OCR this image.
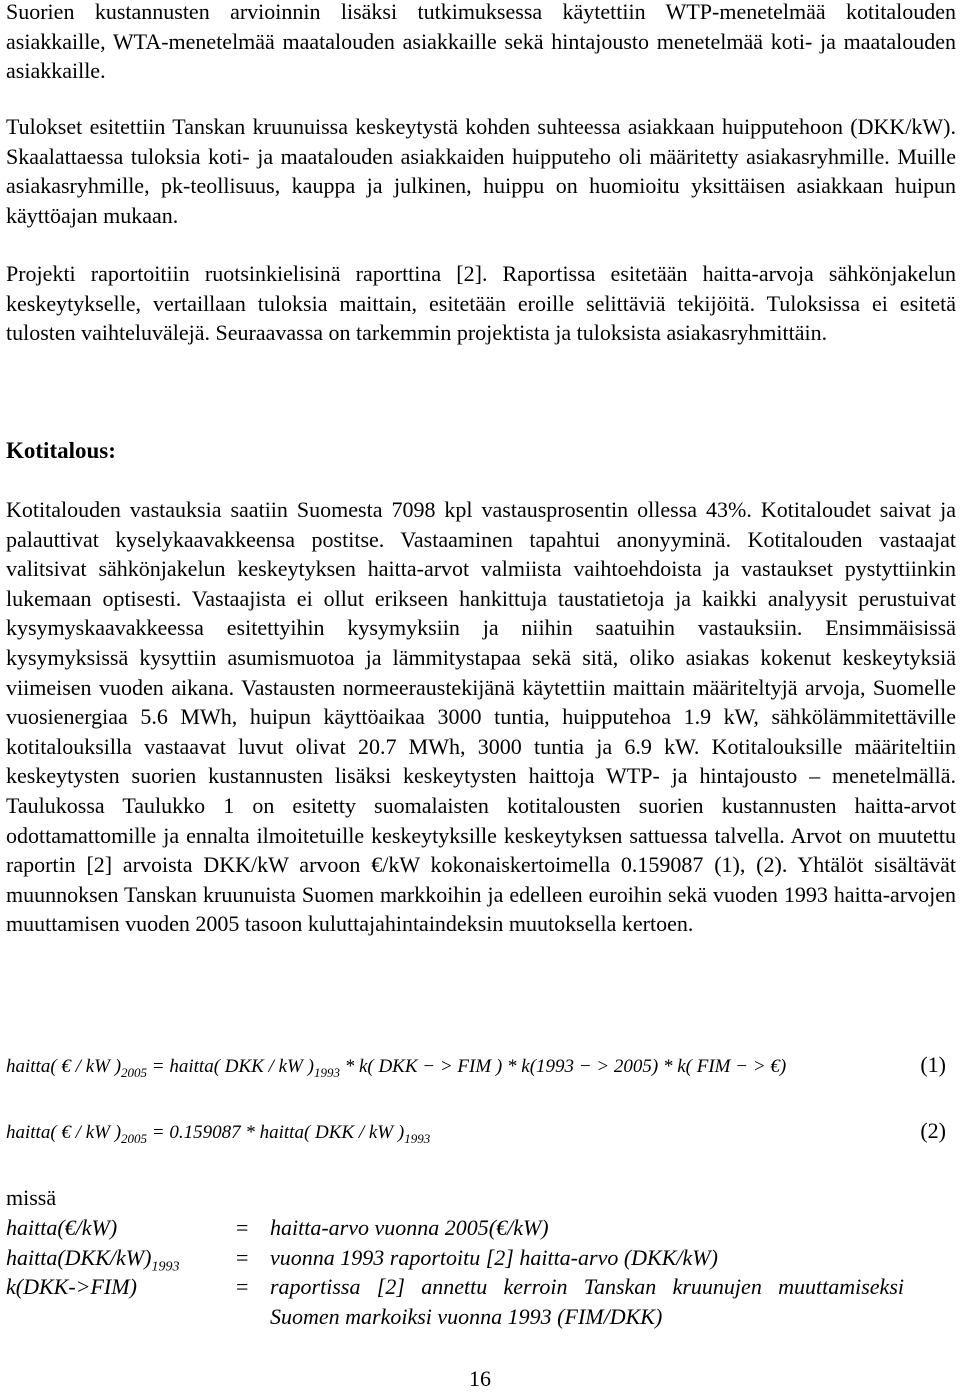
Suorien kustannusten arvioinnin lisäksi tutkimuksessa käytettiin WTP-menetelmää kotitalouden asiakkaille, WTA-menetelmää maatalouden asiakkaille sekä hintajousto menetelmää koti- ja maatalouden asiakkaille.

Tulokset esitettiin Tanskan kruunuissa keskeytystä kohden suhteessa asiakkaan huipputehoon (DKK/kW). Skaalattaessa tuloksia koti- ja maatalouden asiakkaiden huipputeho oli määritetty asiakasryhmille. Muille asiakasryhmille, pk-teollisuus, kauppa ja julkinen, huippu on huomioitu yksittäisen asiakkaan huipun käyttöajan mukaan.

Projekti raportoitiin ruotsinkielisinä raporttina [2]. Raportissa esitetään haitta-arvoja sähkönjakelun keskeytykselle, vertaillaan tuloksia maittain, esitetään eroille selittäviä tekijöitä. Tuloksissa ei esitetä tulosten vaihteluvälejä. Seuraavassa on tarkemmin projektista ja tuloksista asiakasryhmittäin.

Kotitalous:

Kotitalouden vastauksia saatiin Suomesta 7098 kpl vastausprosentin ollessa 43%. Kotitaloudet saivat ja palauttivat kyselykaavakkeensa postitse. Vastaaminen tapahtui anonyyminä. Kotitalouden vastaajat valitsivat sähkönjakelun keskeytyksen haitta-arvot valmiista vaihtoehdoista ja vastaukset pystyttiinkin lukemaan optisesti. Vastaajista ei ollut erikseen hankittuja taustatietoja ja kaikki analyysit perustuivat kysymyskaavakkeessa esitettyihin kysymyksiin ja niihin saatuihin vastauksiin. Ensimmäisissä kysymyksissä kysyttiin asumismuotoa ja lämmitystapaa sekä sitä, oliko asiakas kokenut keskeytyksiä viimeisen vuoden aikana. Vastausten normeeraustekijänä käytettiin maittain määriteltyjä arvoja, Suomelle vuosienergiaa 5.6 MWh, huipun käyttöaikaa 3000 tuntia, huipputehoa 1.9 kW, sähkölämmitettäville kotitalouksilla vastaavat luvut olivat 20.7 MWh, 3000 tuntia ja 6.9 kW. Kotitalouksille määriteltiin keskeytysten suorien kustannusten lisäksi keskeytysten haittoja WTP- ja hintajousto – menetelmällä. Taulukossa Taulukko 1 on esitetty suomalaisten kotitalousten suorien kustannusten haitta-arvot odottamattomille ja ennalta ilmoitetuille keskeytyksille keskeytyksen sattuessa talvella. Arvot on muutettu raportin [2] arvoista DKK/kW arvoon €/kW kokonaiskertoimella 0.159087 (1), (2). Yhtälöt sisältävät muunnoksen Tanskan kruunuista Suomen markkoihin ja edelleen euroihin sekä vuoden 1993 haitta-arvojen muuttamisen vuoden 2005 tasoon kuluttajahintaindeksin muutoksella kertoen.

haitta( € / kW )$_{2005}$ = haitta( DKK / kW )$_{1993} * k$( DKK − > FIM ) * k(1993 − > 2005) * k( FIM − > €)	(1)
haitta( € / kW )$_{2005} = 0.159087$ * haitta( DKK / kW )$_{1993}$	(2)
missä
haitta(€/kW)	= haitta-arvo vuonna 2005(€/kW)
$haitta(DKK/kW)_{1993}$	= vuonna 1993 raportoitu [2] haitta-arvo (DKK/kW)
k(DKK->FIM)	= raportissa [2] annettu kerroin Tanskan kruunujen muuttamiseksi Suomen markoiksi vuonna 1993 (FIM/DKK)
16
